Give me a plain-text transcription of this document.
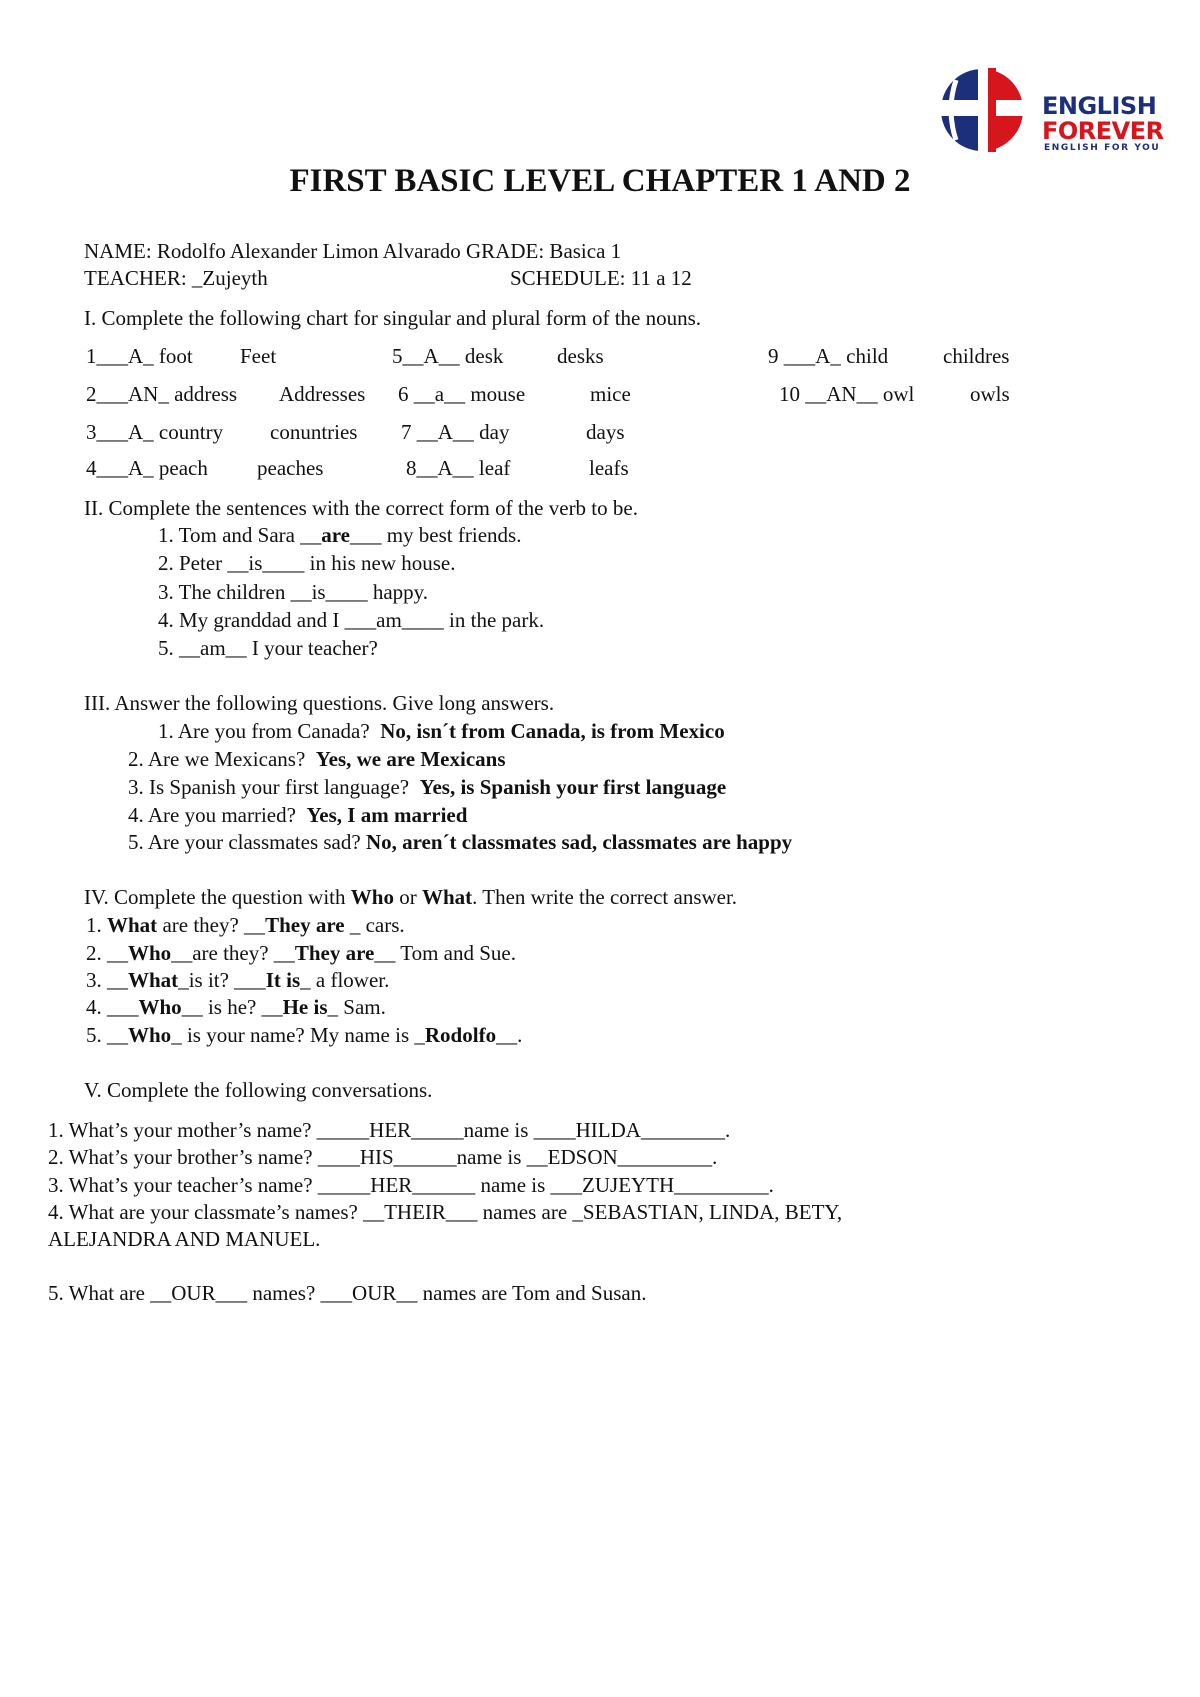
ENGLISH
FOREVER
ENGLISH FOR YOU
FIRST BASIC LEVEL CHAPTER 1 AND 2
NAME: Rodolfo Alexander Limon Alvarado GRADE: Basica 1
TEACHER: _Zujeyth	SCHEDULE: 11 a 12
I. Complete the following chart for singular and plural form of the nouns.
1___A_ foot Feet
2___AN_ address Addresses
3___A_ country conuntries
4___A_ peach peaches
5__A__ desk	desks
6 __a__ mouse	mice
7 __A__ day	days
8__A__ leaf	leafs
9 ___A_ child	childres
10 __AN__ owl	owls
II. Complete the sentences with the correct form of the verb to be.
1. Tom and Sara __are___ my best friends.
2. Peter __is____ in his new house.
3. The children __is____ happy.
4. My granddad and I ___am____ in the park.
5. __am__ I your teacher?
III. Answer the following questions. Give long answers.
1. Are you from Canada? No, isn´t from Canada, is from Mexico
2. Are we Mexicans? Yes, we are Mexicans
3. Is Spanish your first language? Yes, is Spanish your first language
4. Are you married? Yes, I am married
5. Are your classmates sad? No, aren´t classmates sad, classmates are happy
IV. Complete the question with Who or What. Then write the correct answer.
1. What are they? __They are _ cars.
2. __Who__are they? __They are__ Tom and Sue.
3. __What_is it? ___It is_ a flower.
4. ___Who__ is he? __He is_ Sam.
5. __Who_ is your name? My name is _Rodolfo__.
V. Complete the following conversations.
1. What’s your mother’s name? _____HER_____name is ____HILDA________.
2. What’s your brother’s name? ____HIS______name is __EDSON_________.
3. What’s your teacher’s name? _____HER______ name is ___ZUJEYTH_________.
4. What are your classmate’s names? __THEIR___ names are _SEBASTIAN, LINDA, BETY,
ALEJANDRA AND MANUEL.
5. What are __OUR___ names? ___OUR__ names are Tom and Susan.
